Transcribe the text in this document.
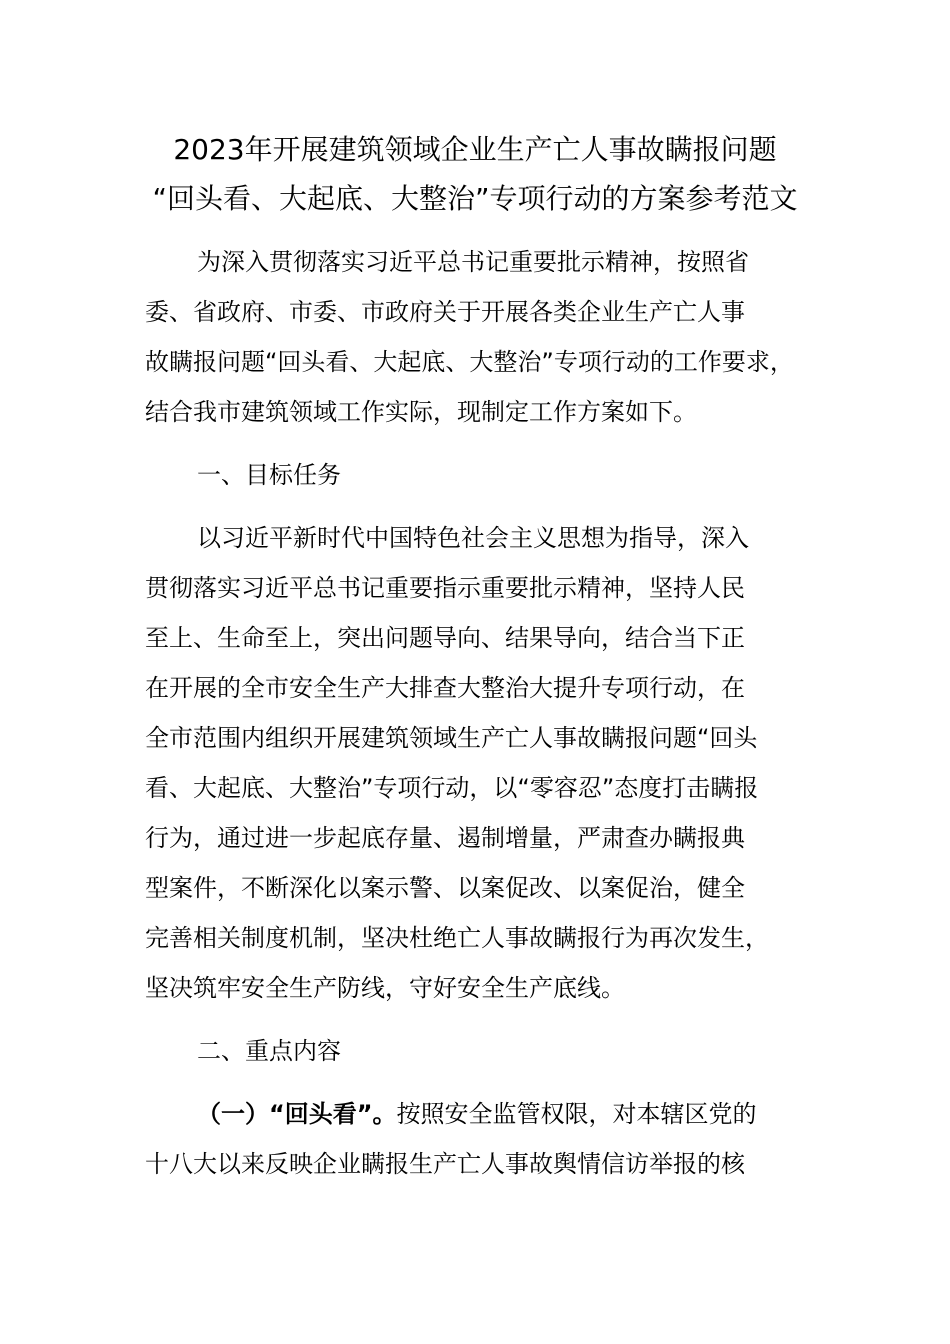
2023年开展建筑领域企业生产亡人事故瞒报问题
“回头看、大起底、大整治”专项行动的方案参考范文
为深入贯彻落实习近平总书记重要批示精神，按照省
委、省政府、市委、市政府关于开展各类企业生产亡人事
故瞒报问题“回头看、大起底、大整治”专项行动的工作要求，
结合我市建筑领域工作实际，现制定工作方案如下。
一、目标任务
以习近平新时代中国特色社会主义思想为指导，深入
贯彻落实习近平总书记重要指示重要批示精神，坚持人民
至上、生命至上，突出问题导向、结果导向，结合当下正
在开展的全市安全生产大排查大整治大提升专项行动，在
全市范围内组织开展建筑领域生产亡人事故瞒报问题“回头
看、大起底、大整治”专项行动，以“零容忍”态度打击瞒报
行为，通过进一步起底存量、遏制增量，严肃查办瞒报典
型案件，不断深化以案示警、以案促改、以案促治，健全
完善相关制度机制，坚决杜绝亡人事故瞒报行为再次发生，
坚决筑牢安全生产防线，守好安全生产底线。
二、重点内容
（一）“回头看”。按照安全监管权限，对本辖区党的
十八大以来反映企业瞒报生产亡人事故舆情信访举报的核
